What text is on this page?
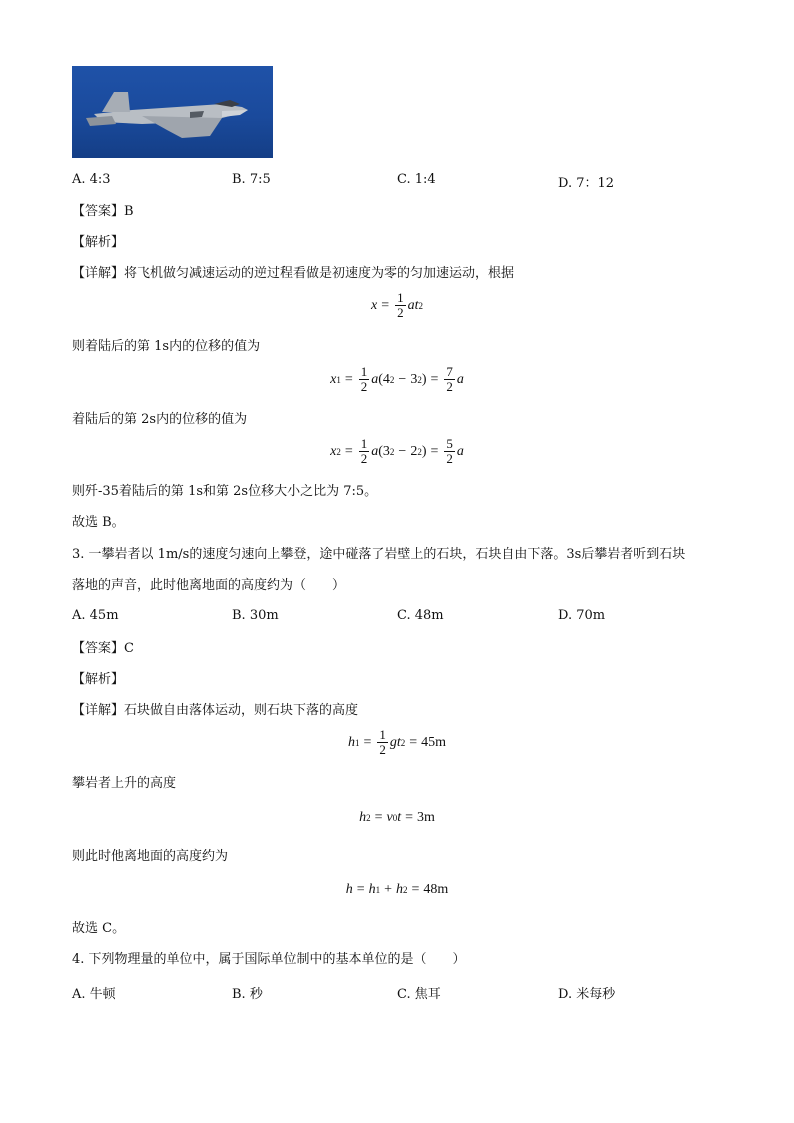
A. 4:3	B. 7:5	C. 1:4	D. 7：12
【答案】B
【解析】
【详解】将飞机做匀减速运动的逆过程看做是初速度为零的匀加速运动，根据
$x = \frac{1}{2}$ at 2
则着陆后的第 1s内的位移的值为
x $1 = \frac{1}{2}$ a (4 2 − 3 2 ) = $\frac{7}{2}$ a
着陆后的第 2s内的位移的值为
x $2 = \frac{1}{2}$ a (3 2 − 2 2 ) = $\frac{5}{2}$ a
则歼-35着陆后的第 1s和第 2s位移大小之比为 7:5。
故选 B。
3. 一攀岩者以 1m/s的速度匀速向上攀登，途中碰落了岩壁上的石块，石块自由下落。3s后攀岩者听到石块
落地的声音，此时他离地面的高度约为（　　）
A. 45m	B. 30m	C. 48m	D. 70m
【答案】C
【解析】
【详解】石块做自由落体运动，则石块下落的高度
h $1 = \frac{1}{2}$ gt 2 = 45m
攀岩者上升的高度
h 2 = v 0 t = 3m
则此时他离地面的高度约为
h = h 1 + h 2 = 48m
故选 C。
4. 下列物理量的单位中，属于国际单位制中的基本单位的是（　　）
A. 牛顿	B. 秒	C. 焦耳	D. 米每秒
